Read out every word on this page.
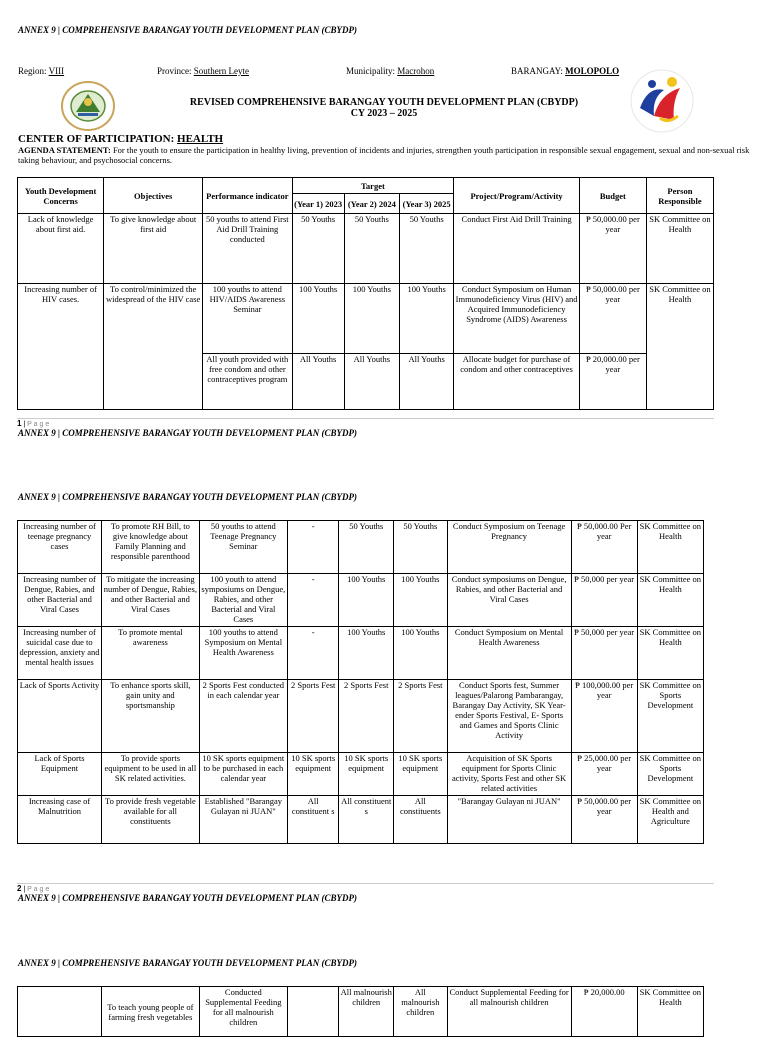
ANNEX 9 | COMPREHENSIVE BARANGAY YOUTH DEVELOPMENT PLAN (CBYDP)
Region: VIII	Province: Southern Leyte	Municipality: Macrohon	BARANGAY: MOLOPOLO
REVISED COMPREHENSIVE BARANGAY YOUTH DEVELOPMENT PLAN (CBYDP)
CY 2023 – 2025
CENTER OF PARTICIPATION: HEALTH
AGENDA STATEMENT: For the youth to ensure the participation in healthy living, prevention of incidents and injuries, strengthen youth participation in responsible sexual engagement, sexual and non-sexual risk taking behaviour, and psychosocial concerns.
Youth Development Concerns	Objectives	Performance indicator	Target			Project/Program/Activity	Budget	Person Responsible
			(Year 1) 2023	(Year 2) 2024	(Year 3) 2025			
Lack of knowledge about first aid.	To give knowledge about first aid	50 youths to attend First Aid Drill Training conducted	50 Youths	50 Youths	50 Youths	Conduct First Aid Drill Training	₱ 50,000.00 per year	SK Committee on Health
Increasing number of HIV cases.	To control/minimized the widespread of the HIV case	100 youths to attend HIV/AIDS Awareness Seminar	100 Youths	100 Youths	100 Youths	Conduct Symposium on Human Immunodeficiency Virus (HIV) and Acquired Immunodeficiency Syndrome (AIDS) Awareness	₱ 50,000.00 per year	SK Committee on Health
		All youth provided with free condom and other contraceptives program	All Youths	All Youths	All Youths	Allocate budget for purchase of condom and other contraceptives	₱ 20,000.00 per year	
1 | P a g e
ANNEX 9 | COMPREHENSIVE BARANGAY YOUTH DEVELOPMENT PLAN (CBYDP)
ANNEX 9 | COMPREHENSIVE BARANGAY YOUTH DEVELOPMENT PLAN (CBYDP)
Increasing number of teenage pregnancy cases	To promote RH Bill, to give knowledge about Family Planning and responsible parenthood	50 youths to attend Teenage Pregnancy Seminar	-	50 Youths	50 Youths	Conduct Symposium on Teenage Pregnancy	₱ 50,000.00 Per year	SK Committee on Health
Increasing number of Dengue, Rabies, and other Bacterial and Viral Cases	To mitigate the increasing number of Dengue, Rabies, and other Bacterial and Viral Cases	100 youth to attend symposiums on Dengue, Rabies, and other Bacterial and Viral Cases	-	100 Youths	100 Youths	Conduct symposiums on Dengue, Rabies, and other Bacterial and Viral Cases	₱ 50,000 per year	SK Committee on Health
Increasing number of suicidal case due to depression, anxiety and mental health issues	To promote mental awareness	100 youths to attend Symposium on Mental Health Awareness	-	100 Youths	100 Youths	Conduct Symposium on Mental Health Awareness	₱ 50,000 per year	SK Committee on Health
Lack of Sports Activity	To enhance sports skill, gain unity and sportsmanship	2 Sports Fest conducted in each calendar year	2 Sports Fest	2 Sports Fest	2 Sports Fest	Conduct Sports fest, Summer leagues/Palarong Pambarangay, Barangay Day Activity, SK Year-ender Sports Festival, E- Sports and Games and Sports Clinic Activity	₱ 100,000.00 per year	SK Committee on Sports Development
Lack of Sports Equipment	To provide sports equipment to be used in all SK related activities.	10 SK sports equipment to be purchased in each calendar year	10 SK sports equipment	10 SK sports equipment	10 SK sports equipment	Acquisition of SK Sports equipment for Sports Clinic activity, Sports Fest and other SK related activities	₱ 25,000.00 per year	SK Committee on Sports Development
Increasing case of Malnutrition	To provide fresh vegetable available for all constituents	Established "Barangay Gulayan ni JUAN"	All constituent s	All constituent s	All constituents	"Barangay Gulayan ni JUAN"	₱ 50,000.00 per year	SK Committee on Health and Agriculture
2 | P a g e
ANNEX 9 | COMPREHENSIVE BARANGAY YOUTH DEVELOPMENT PLAN (CBYDP)
ANNEX 9 | COMPREHENSIVE BARANGAY YOUTH DEVELOPMENT PLAN (CBYDP)
	To teach young people of farming fresh vegetables	Conducted Supplemental Feeding for all malnourish children		All malnourish children	All malnourish children	Conduct Supplemental Feeding for all malnourish children	₱ 20,000.00	SK Committee on Health
